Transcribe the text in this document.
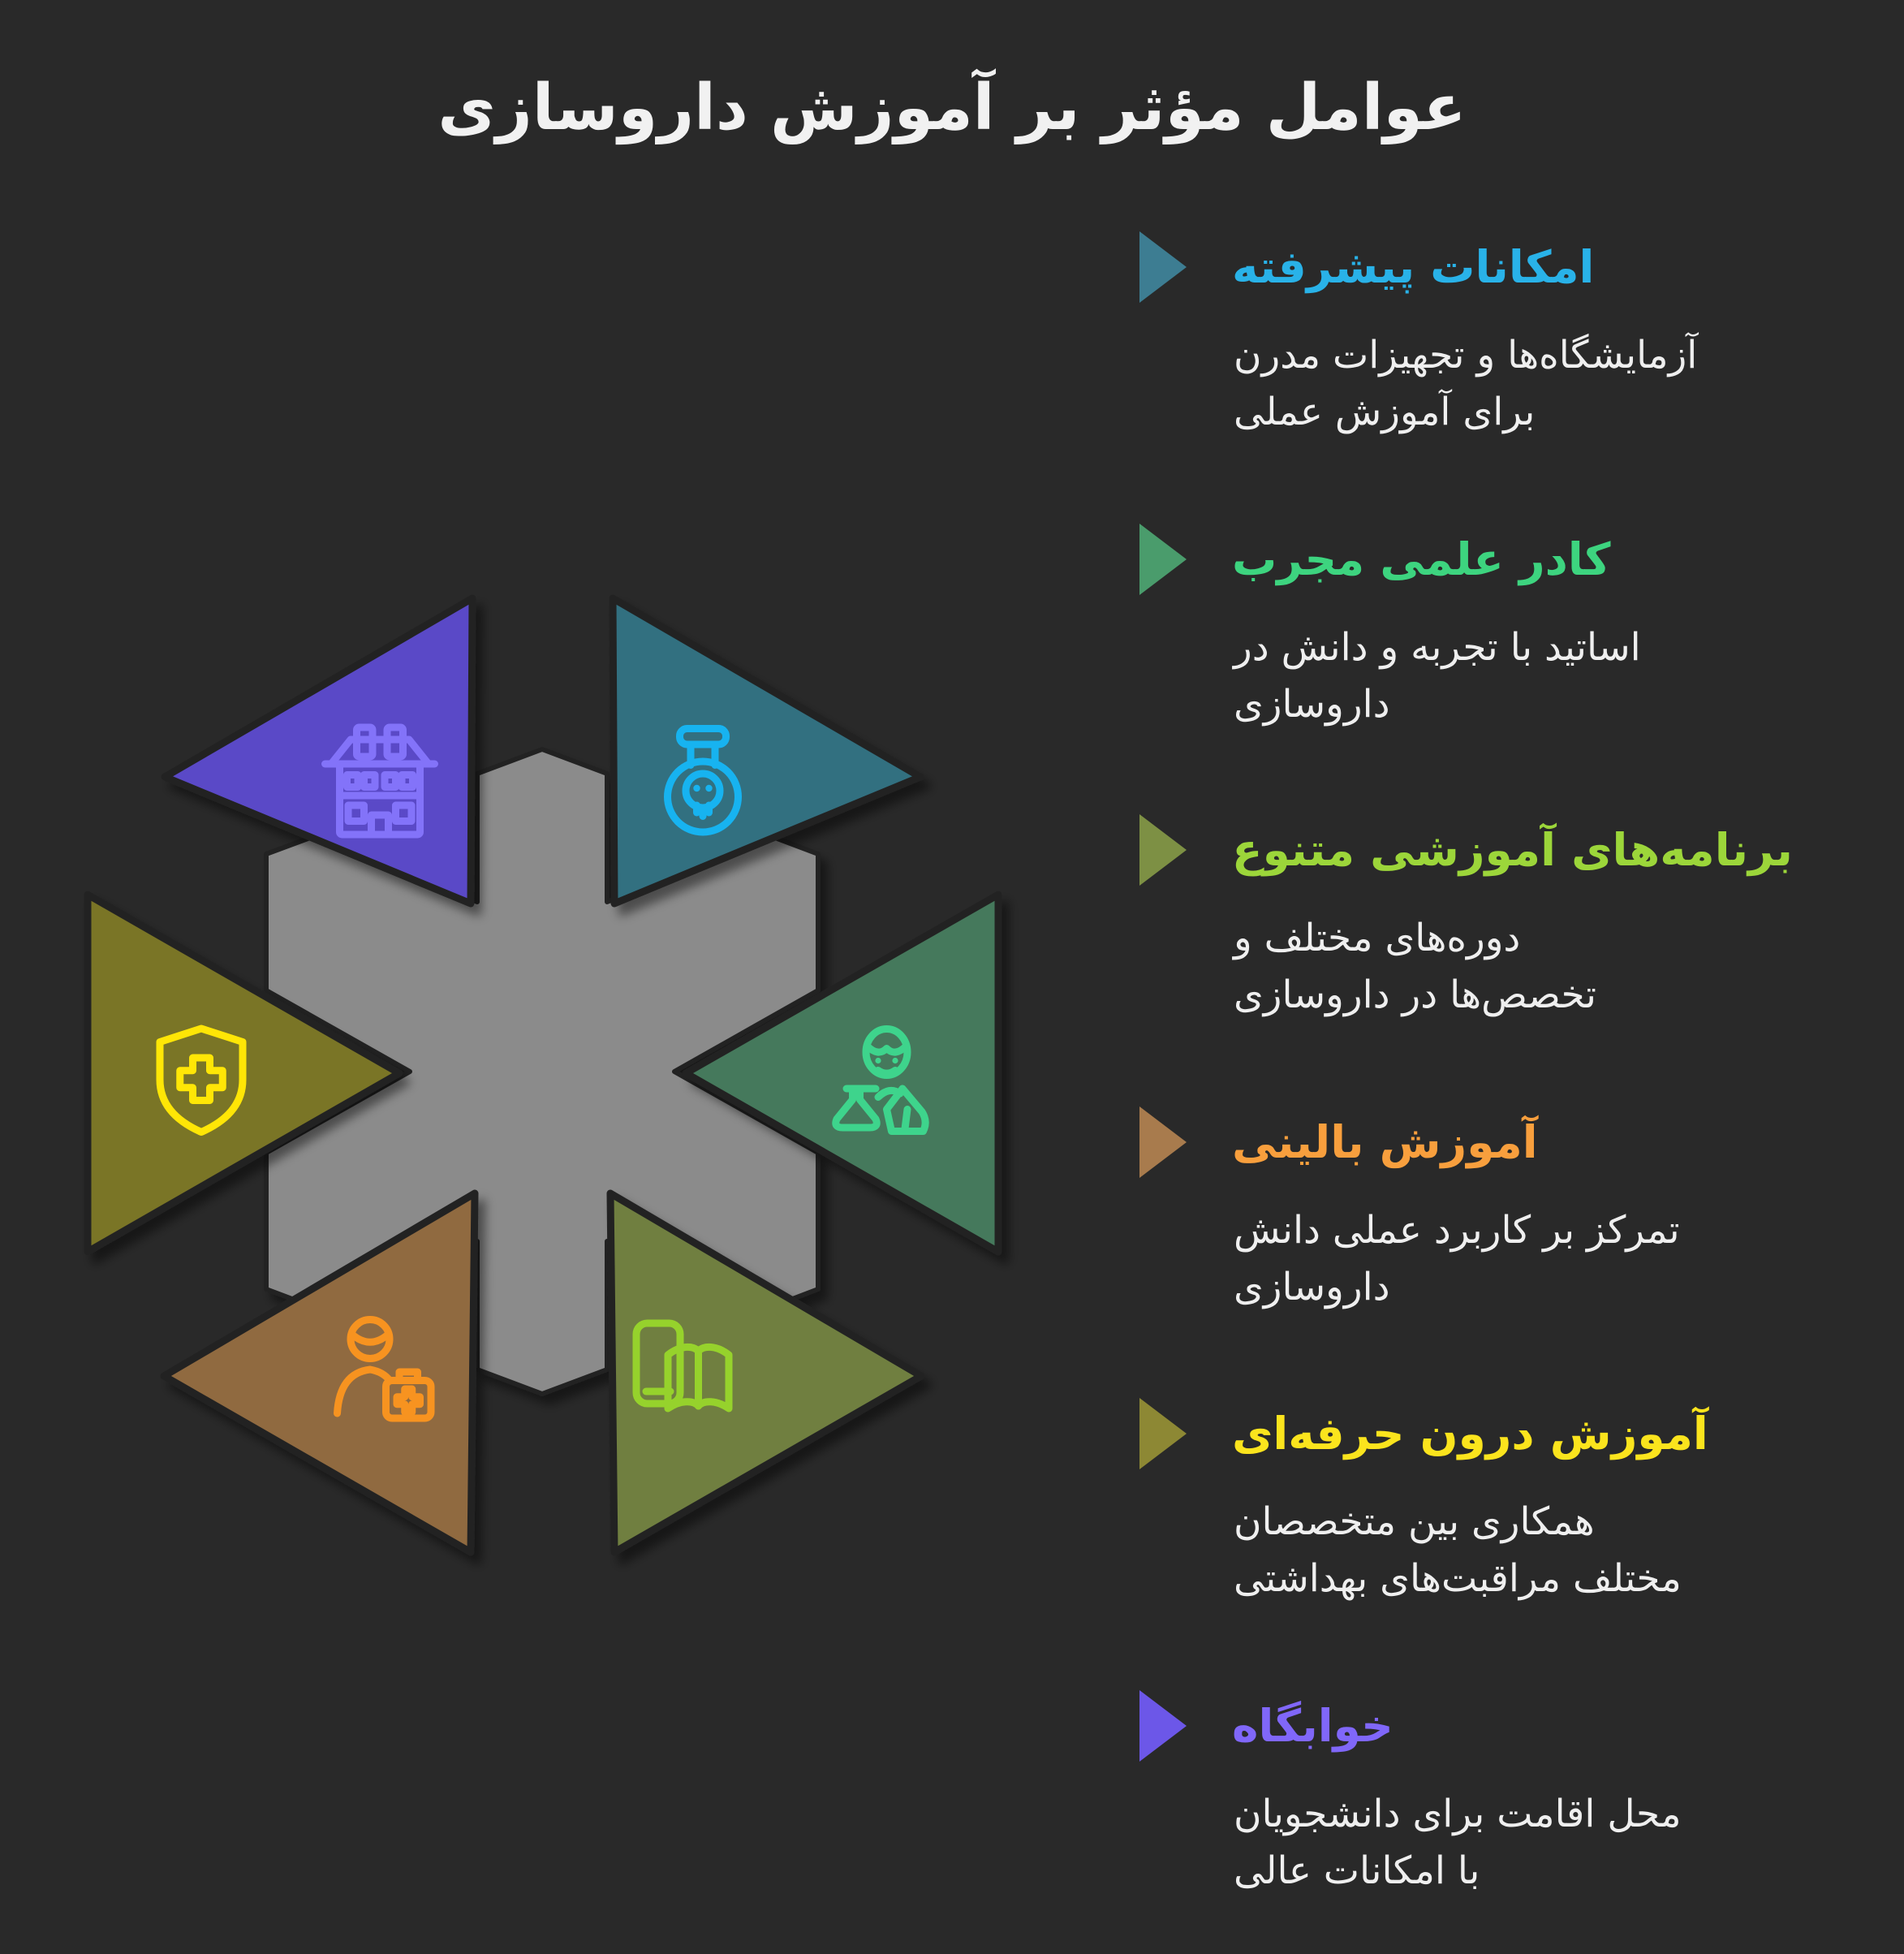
عوامل مؤثر بر آموزش داروسازی
امکانات پیشرفته
آزمایشگاه‌ها و تجهیزات مدرن
برای آموزش عملی
کادر علمی مجرب
اساتید با تجربه و دانش در
داروسازی
برنامه‌های آموزشی متنوع
دوره‌های مختلف و
تخصص‌ها در داروسازی
آموزش بالینی
تمرکز بر کاربرد عملی دانش
داروسازی
آموزش درون حرفه‌ای
همکاری بین متخصصان
مختلف مراقبت‌های بهداشتی
خوابگاه
محل اقامت برای دانشجویان
با امکانات عالی
